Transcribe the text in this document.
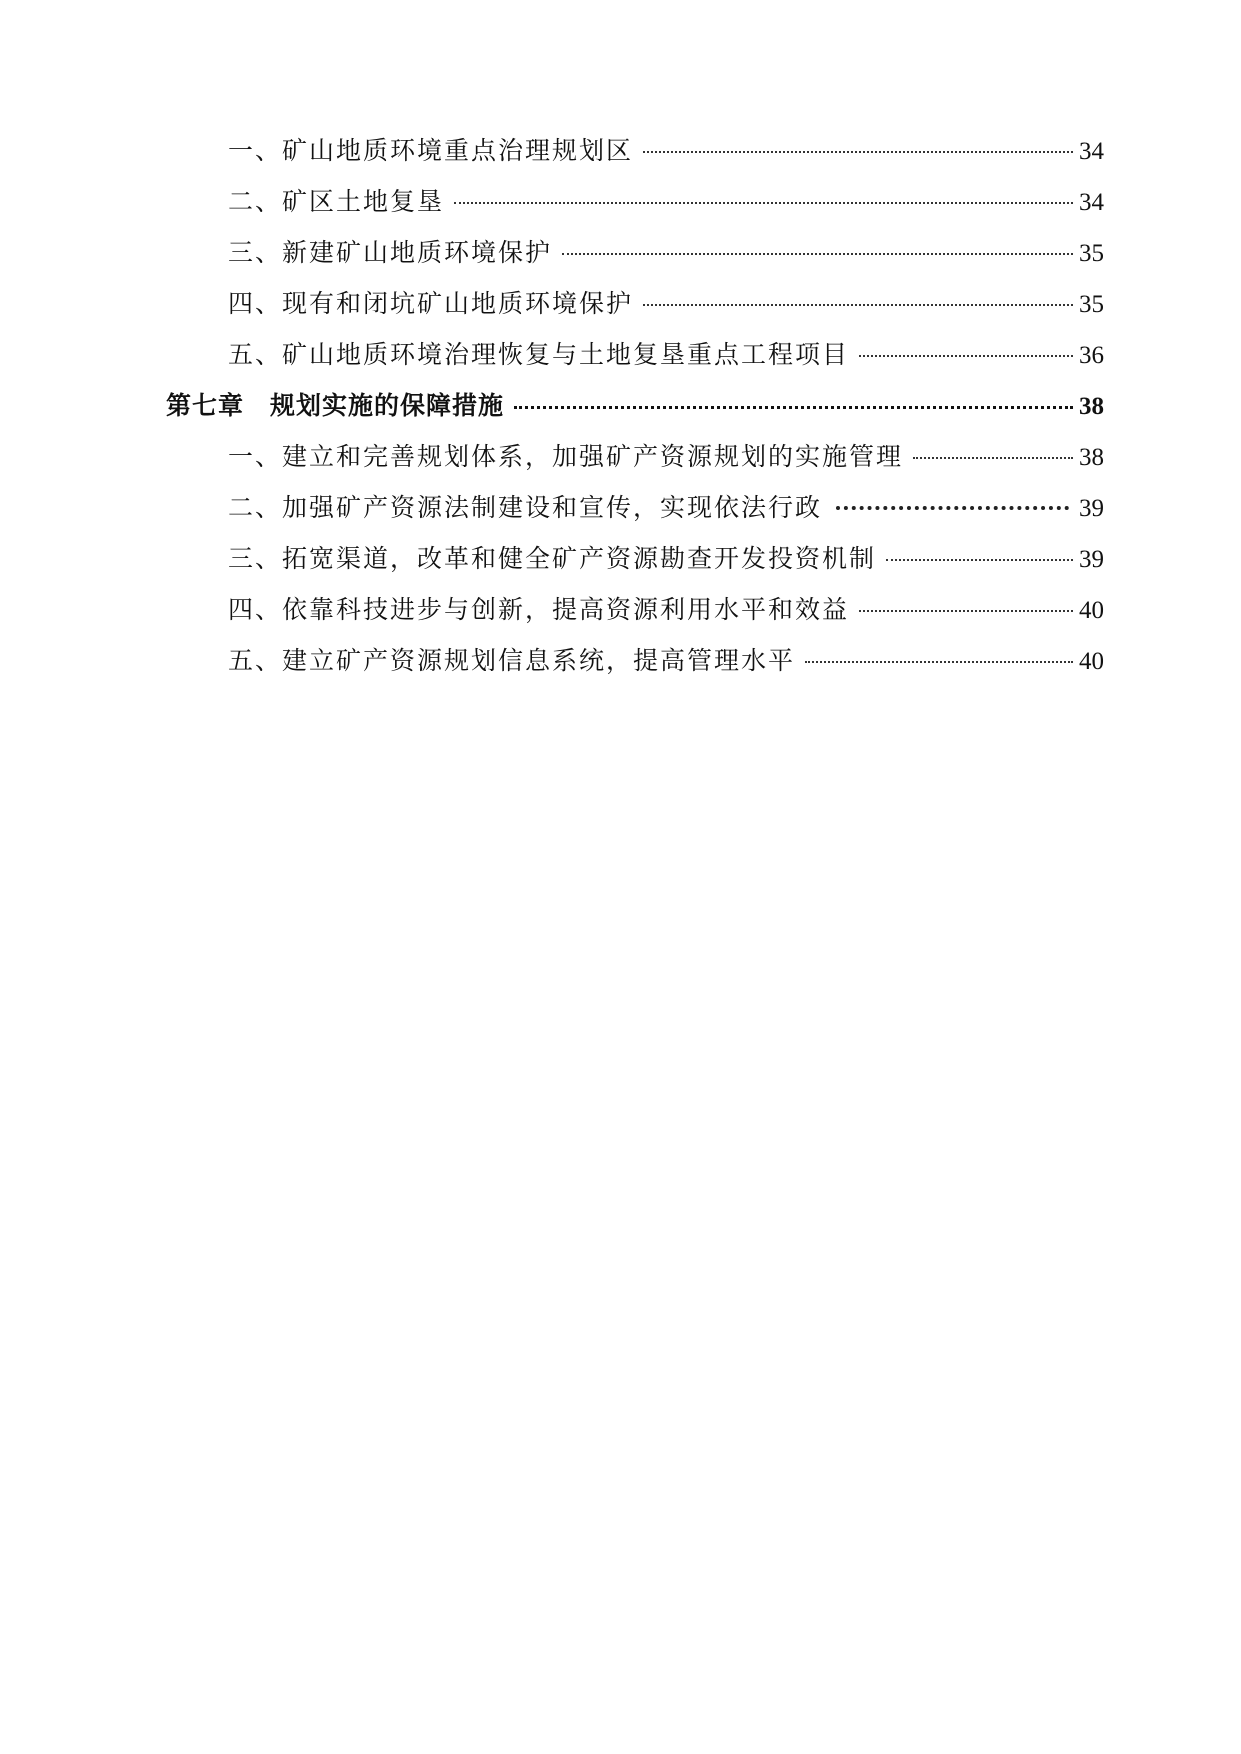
一、矿山地质环境重点治理规划区	34
二、矿区土地复垦	34
三、新建矿山地质环境保护	35
四、现有和闭坑矿山地质环境保护	35
五、矿山地质环境治理恢复与土地复垦重点工程项目	36
第七章　规划实施的保障措施	38
一、建立和完善规划体系，加强矿产资源规划的实施管理	38
二、加强矿产资源法制建设和宣传，实现依法行政	39
三、拓宽渠道，改革和健全矿产资源勘查开发投资机制	39
四、依靠科技进步与创新，提高资源利用水平和效益	40
五、建立矿产资源规划信息系统，提高管理水平	40
